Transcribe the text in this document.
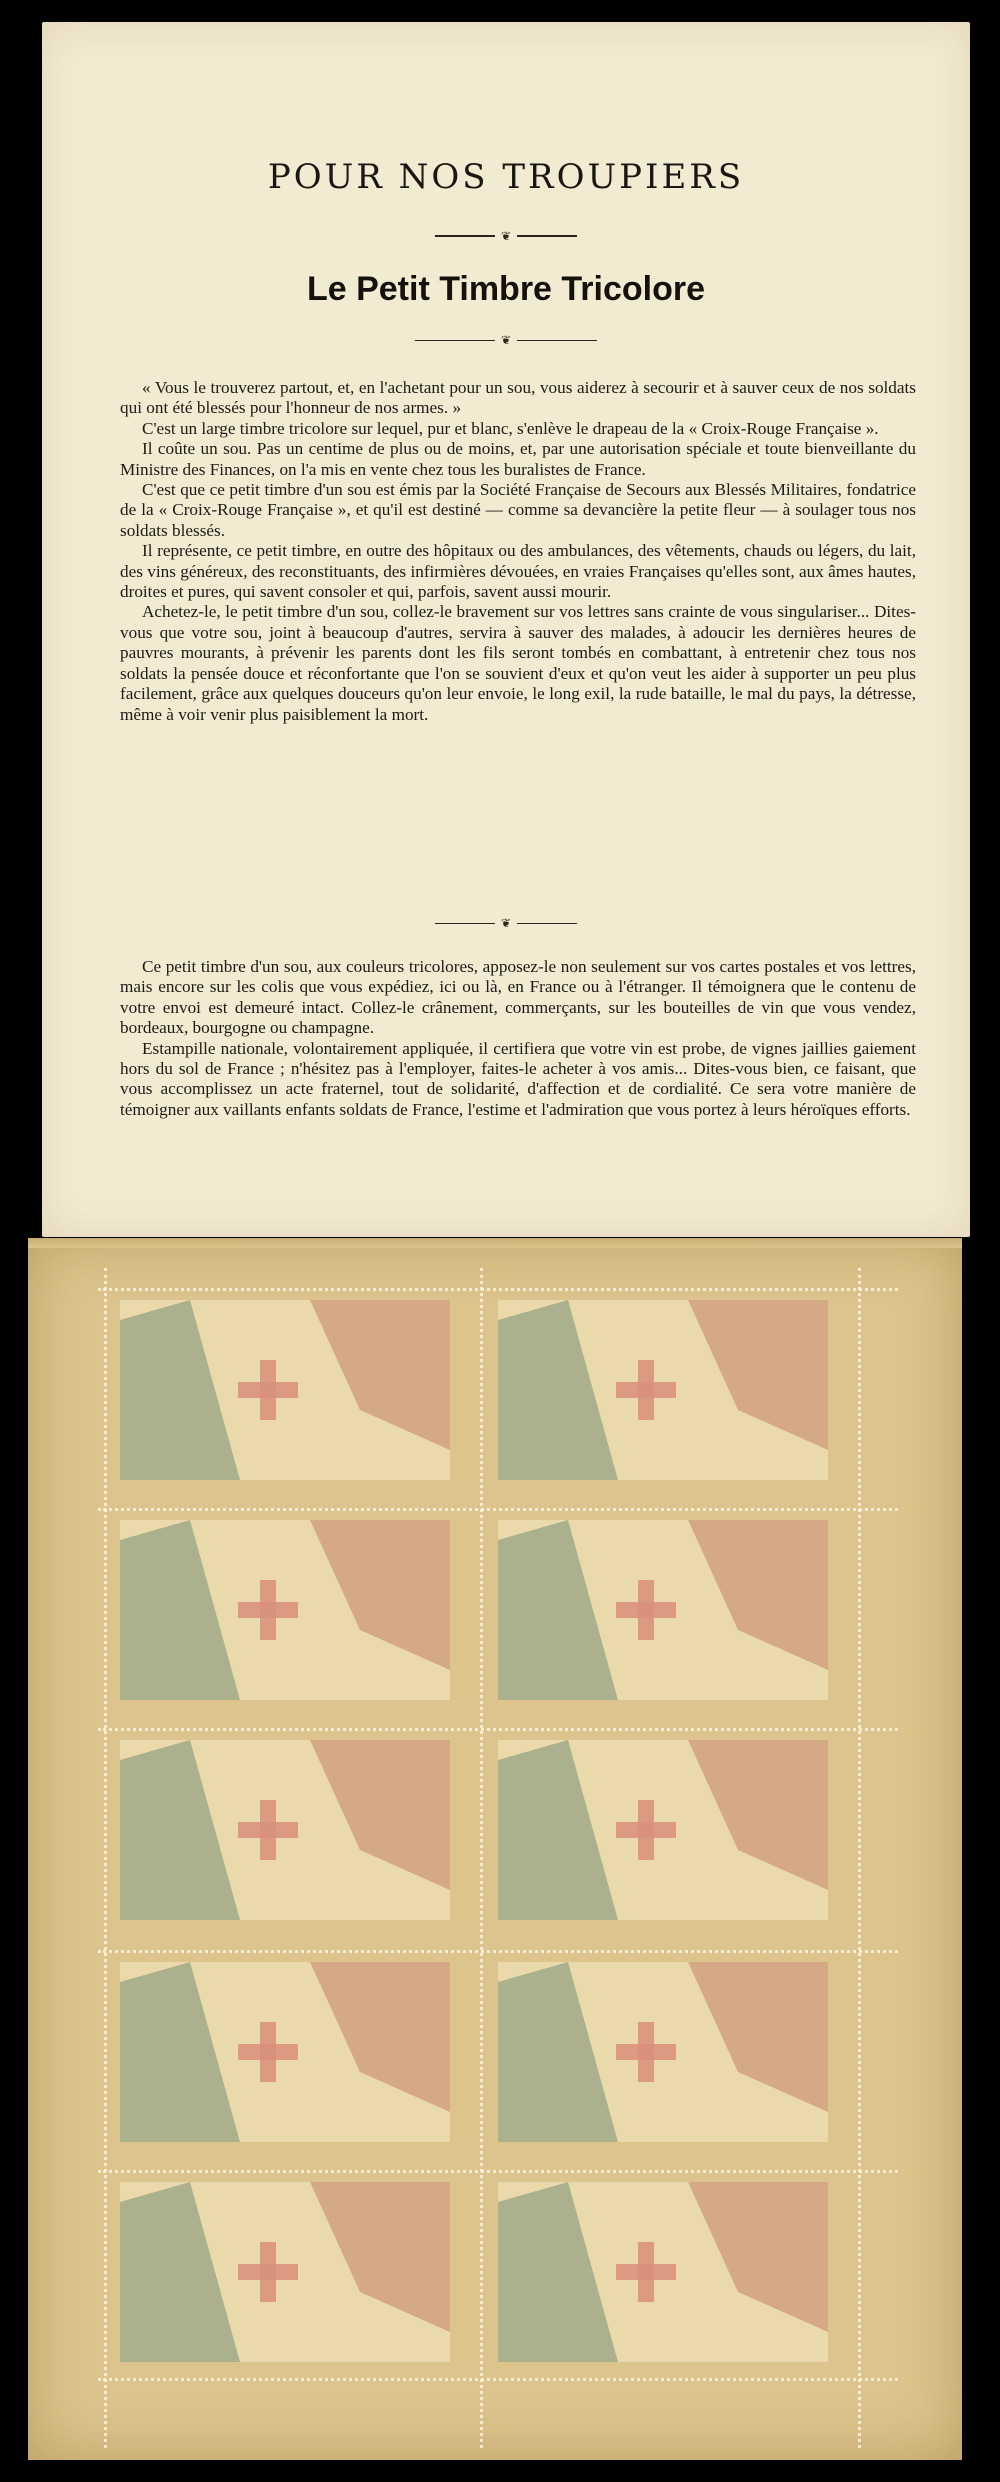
POUR NOS TROUPIERS
❦
Le Petit Timbre Tricolore
❦

« Vous le trouverez partout, et, en l'achetant pour un sou, vous aiderez à secourir et à sauver ceux de nos soldats qui ont été blessés pour l'honneur de nos armes. »

C'est un large timbre tricolore sur lequel, pur et blanc, s'enlève le drapeau de la « Croix-Rouge Française ».

Il coûte un sou. Pas un centime de plus ou de moins, et, par une autorisation spéciale et toute bienveillante du Ministre des Finances, on l'a mis en vente chez tous les buralistes de France.

C'est que ce petit timbre d'un sou est émis par la Société Française de Secours aux Blessés Militaires, fondatrice de la « Croix-Rouge Française », et qu'il est destiné — comme sa devancière la petite fleur — à soulager tous nos soldats blessés.

Il représente, ce petit timbre, en outre des hôpitaux ou des ambulances, des vêtements, chauds ou légers, du lait, des vins généreux, des reconstituants, des infirmières dévouées, en vraies Françaises qu'elles sont, aux âmes hautes, droites et pures, qui savent consoler et qui, parfois, savent aussi mourir.

Achetez-le, le petit timbre d'un sou, collez-le bravement sur vos lettres sans crainte de vous singulariser... Dites-vous que votre sou, joint à beaucoup d'autres, servira à sauver des malades, à adoucir les dernières heures de pauvres mourants, à prévenir les parents dont les fils seront tombés en combattant, à entretenir chez tous nos soldats la pensée douce et réconfortante que l'on se souvient d'eux et qu'on veut les aider à supporter un peu plus facilement, grâce aux quelques douceurs qu'on leur envoie, le long exil, la rude bataille, le mal du pays, la détresse, même à voir venir plus paisiblement la mort.

❦

Ce petit timbre d'un sou, aux couleurs tricolores, apposez-le non seulement sur vos cartes postales et vos lettres, mais encore sur les colis que vous expédiez, ici ou là, en France ou à l'étranger. Il témoignera que le contenu de votre envoi est demeuré intact. Collez-le crânement, commerçants, sur les bouteilles de vin que vous vendez, bordeaux, bourgogne ou champagne.

Estampille nationale, volontairement appliquée, il certifiera que votre vin est probe, de vignes jaillies gaiement hors du sol de France ; n'hésitez pas à l'employer, faites-le acheter à vos amis... Dites-vous bien, ce faisant, que vous accomplissez un acte fraternel, tout de solidarité, d'affection et de cordialité. Ce sera votre manière de témoigner aux vaillants enfants soldats de France, l'estime et l'admiration que vous portez à leurs héroïques efforts.
